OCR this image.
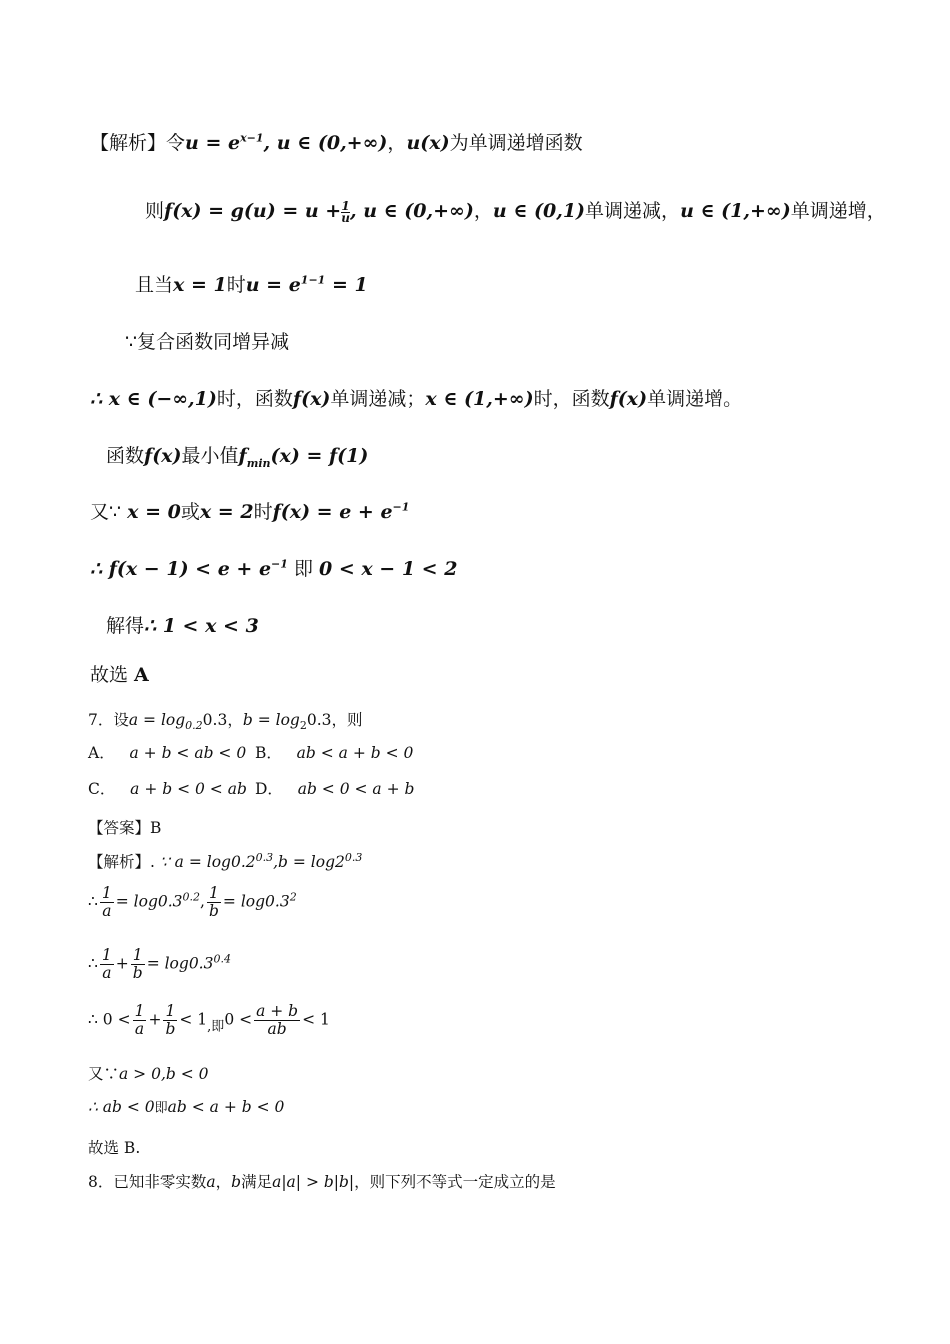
【解析】令$u = e^{x-1}$, u ∈ (0,+∞)，u(x)为单调递增函数
则$f(x) = g(u) = u + \frac{1}{u}$ , u ∈ (0,+∞)，u ∈ (0,1)单调递减，u ∈ (1,+∞)单调递增，
且当x = 1时$u = e^{1-1} = 1$
∵复合函数同增异减
∴ x ∈ (−∞,1)时，函数f(x)单调递减；x ∈ (1,+∞)时，函数f(x)单调递增。
函数f(x)最小值$f_{min}(x) = f(1)$
又∵ x = 0或x = 2时$f(x) = e + e^{-1}$
∴ $f(x - 1) < e + e^{-1}$ 即 0 < x − 1 < 2
解得∴ 1 < x < 3
故选 A
7．设$a = \log_{0.2}0.3$，$b = \log_20.3$，则
A． a + b < ab < 0 B． ab < a + b < 0
C． a + b < 0 < ab D． ab < 0 < a + b
【答案】B
【解析】. ∵ $a = \log 0.2^{0.3},b = \log 2^{0.3}$
∴ $\frac{1}{a} = \log 0.3^{0.2}$, $\frac{1}{b} = \log 0.3^2$
∴ $\frac{1}{a} + \frac{1}{b} = \log 0.3^{0.4}$
∴ $0 < \frac{1}{a} + \frac{1}{b} < 1_{,即}0 < \frac{a + b}{ab} < 1$
又∵a > 0,b < 0
∴ ab < 0即ab < a + b < 0
故选 B.
8．已知非零实数a，b满足a|a| > b|b|，则下列不等式一定成立的是
